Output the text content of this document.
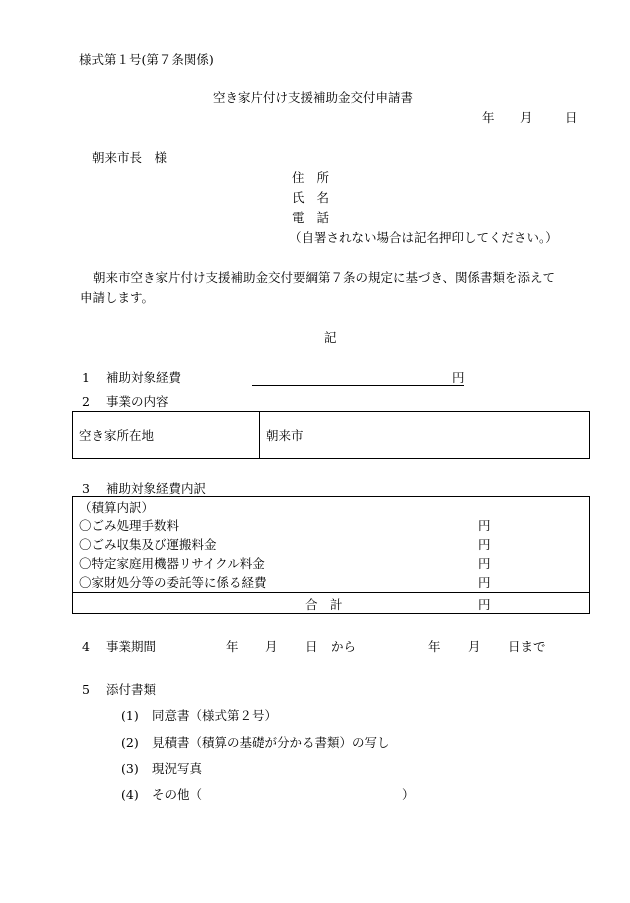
様式第１号(第７条関係)
空き家片付け支援補助金交付申請書
年 月	日
朝来市長　様
住 所
氏 名
電 話
（自署されない場合は記名押印してください。）
朝来市空き家片付け支援補助金交付要綱第７条の規定に基づき、関係書類を添えて
申請します。
記
1 補助対象経費	円
2 事業の内容
空き家所在地	朝来市
3 補助対象経費内訳
（積算内訳）
〇ごみ処理手数料	円
〇ごみ収集及び運搬料金	円
〇特定家庭用機器リサイクル料金	円
〇家財処分等の委託等に係る経費	円
合　計	円
4 事業期間	年 月 日 から	年 月 日まで
5 添付書類
(1) 同意書（様式第２号）
(2) 見積書（積算の基礎が分かる書類）の写し
(3) 現況写真
(4) その他（	）
